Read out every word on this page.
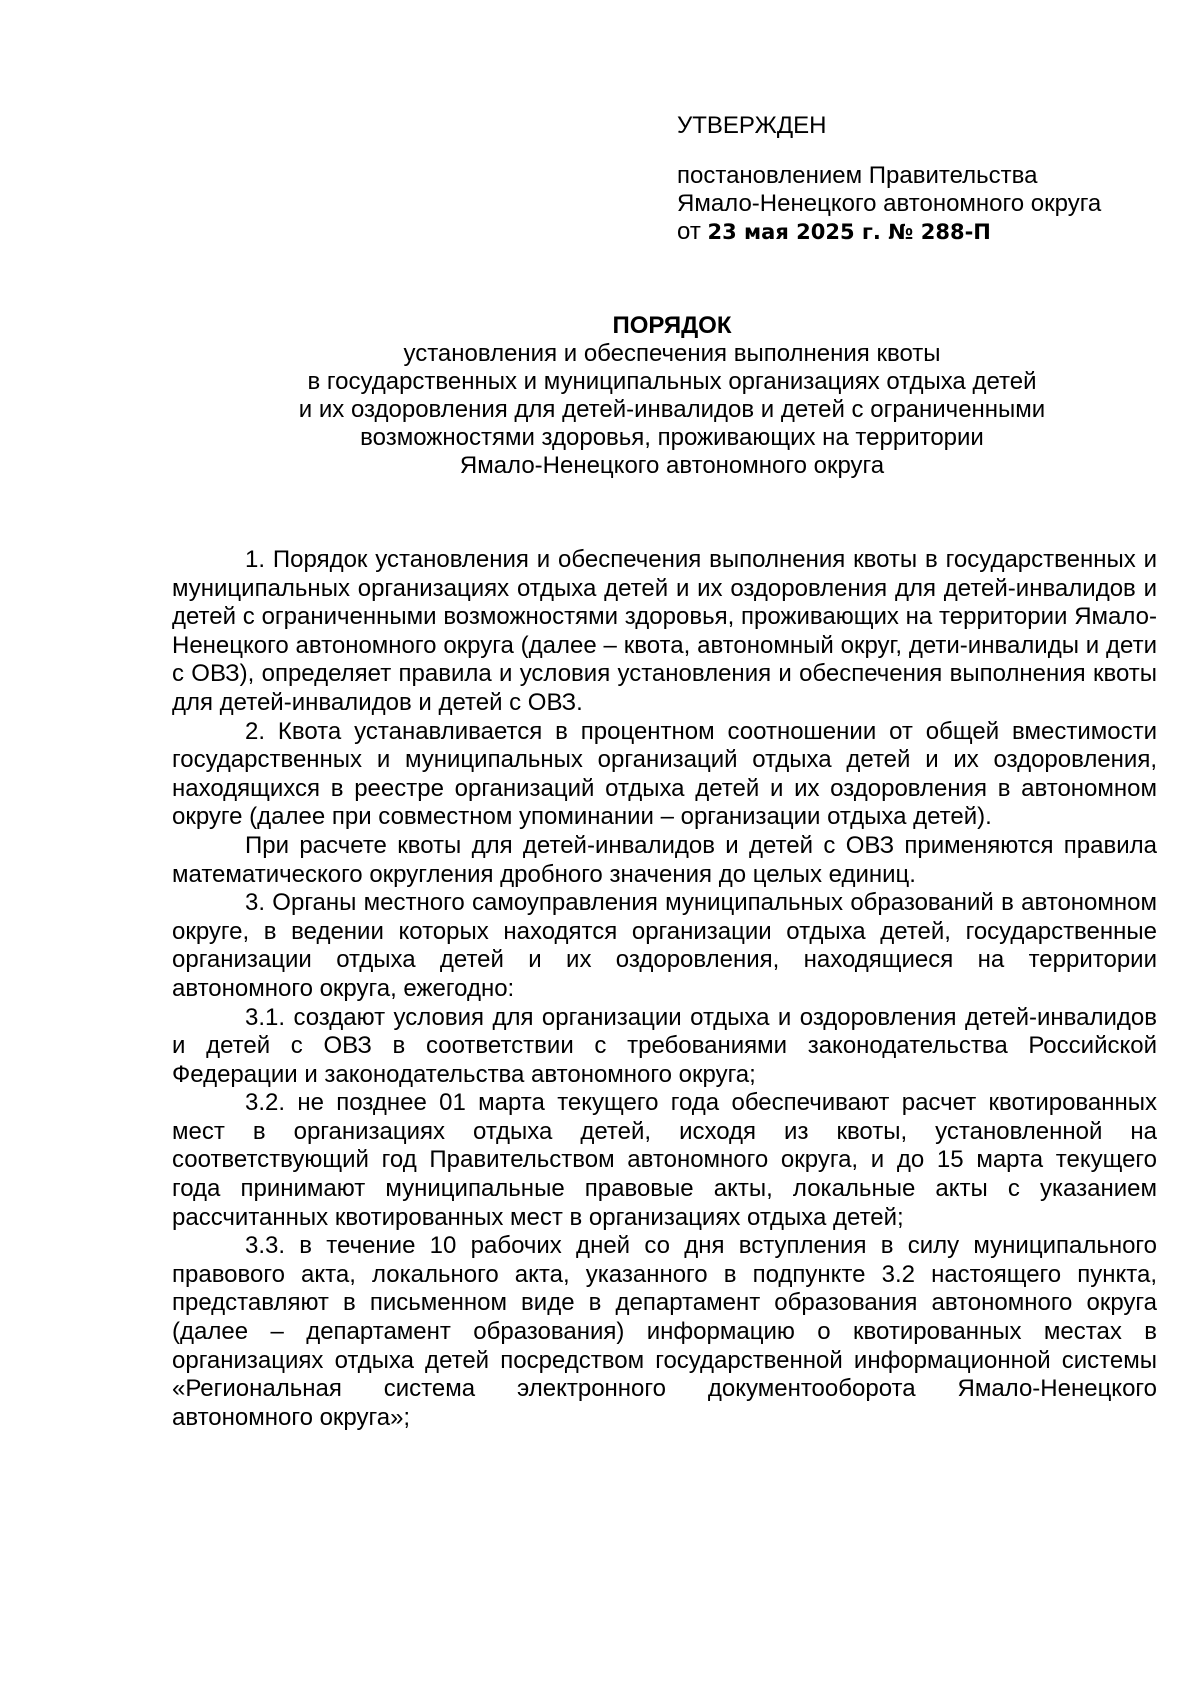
УТВЕРЖДЕН
постановлением Правительства
Ямало-Ненецкого автономного округа
от 23 мая 2025 г. № 288-П
ПОРЯДОК
установления и обеспечения выполнения квоты
в государственных и муниципальных организациях отдыха детей
и их оздоровления для детей-инвалидов и детей с ограниченными
возможностями здоровья, проживающих на территории
Ямало-Ненецкого автономного округа

1. Порядок установления и обеспечения выполнения квоты в государственных и муниципальных организациях отдыха детей и их оздоровления для детей-инвалидов и детей с ограниченными возможностями здоровья, проживающих на территории Ямало-Ненецкого автономного округа (далее – квота, автономный округ, дети-инвалиды и дети с ОВЗ), определяет правила и условия установления и обеспечения выполнения квоты для детей-инвалидов и детей с ОВЗ.

2. Квота устанавливается в процентном соотношении от общей вместимости государственных и муниципальных организаций отдыха детей и их оздоровления, находящихся в реестре организаций отдыха детей и их оздоровления в автономном округе (далее при совместном упоминании – организации отдыха детей).

При расчете квоты для детей-инвалидов и детей с ОВЗ применяются правила математического округления дробного значения до целых единиц.

3. Органы местного самоуправления муниципальных образований в автономном округе, в ведении которых находятся организации отдыха детей, государственные организации отдыха детей и их оздоровления, находящиеся на территории автономного округа, ежегодно:

3.1. создают условия для организации отдыха и оздоровления детей-инвалидов и детей с ОВЗ в соответствии с требованиями законодательства Российской Федерации и законодательства автономного округа;

3.2. не позднее 01 марта текущего года обеспечивают расчет квотированных мест в организациях отдыха детей, исходя из квоты, установленной на соответствующий год Правительством автономного округа, и до 15 марта текущего года принимают муниципальные правовые акты, локальные акты с указанием рассчитанных квотированных мест в организациях отдыха детей;

3.3. в течение 10 рабочих дней со дня вступления в силу муниципального правового акта, локального акта, указанного в подпункте 3.2 настоящего пункта, представляют в письменном виде в департамент образования автономного округа (далее – департамент образования) информацию о квотированных местах в организациях отдыха детей посредством государственной информационной системы «Региональная система электронного документооборота Ямало-Ненецкого автономного округа»;
